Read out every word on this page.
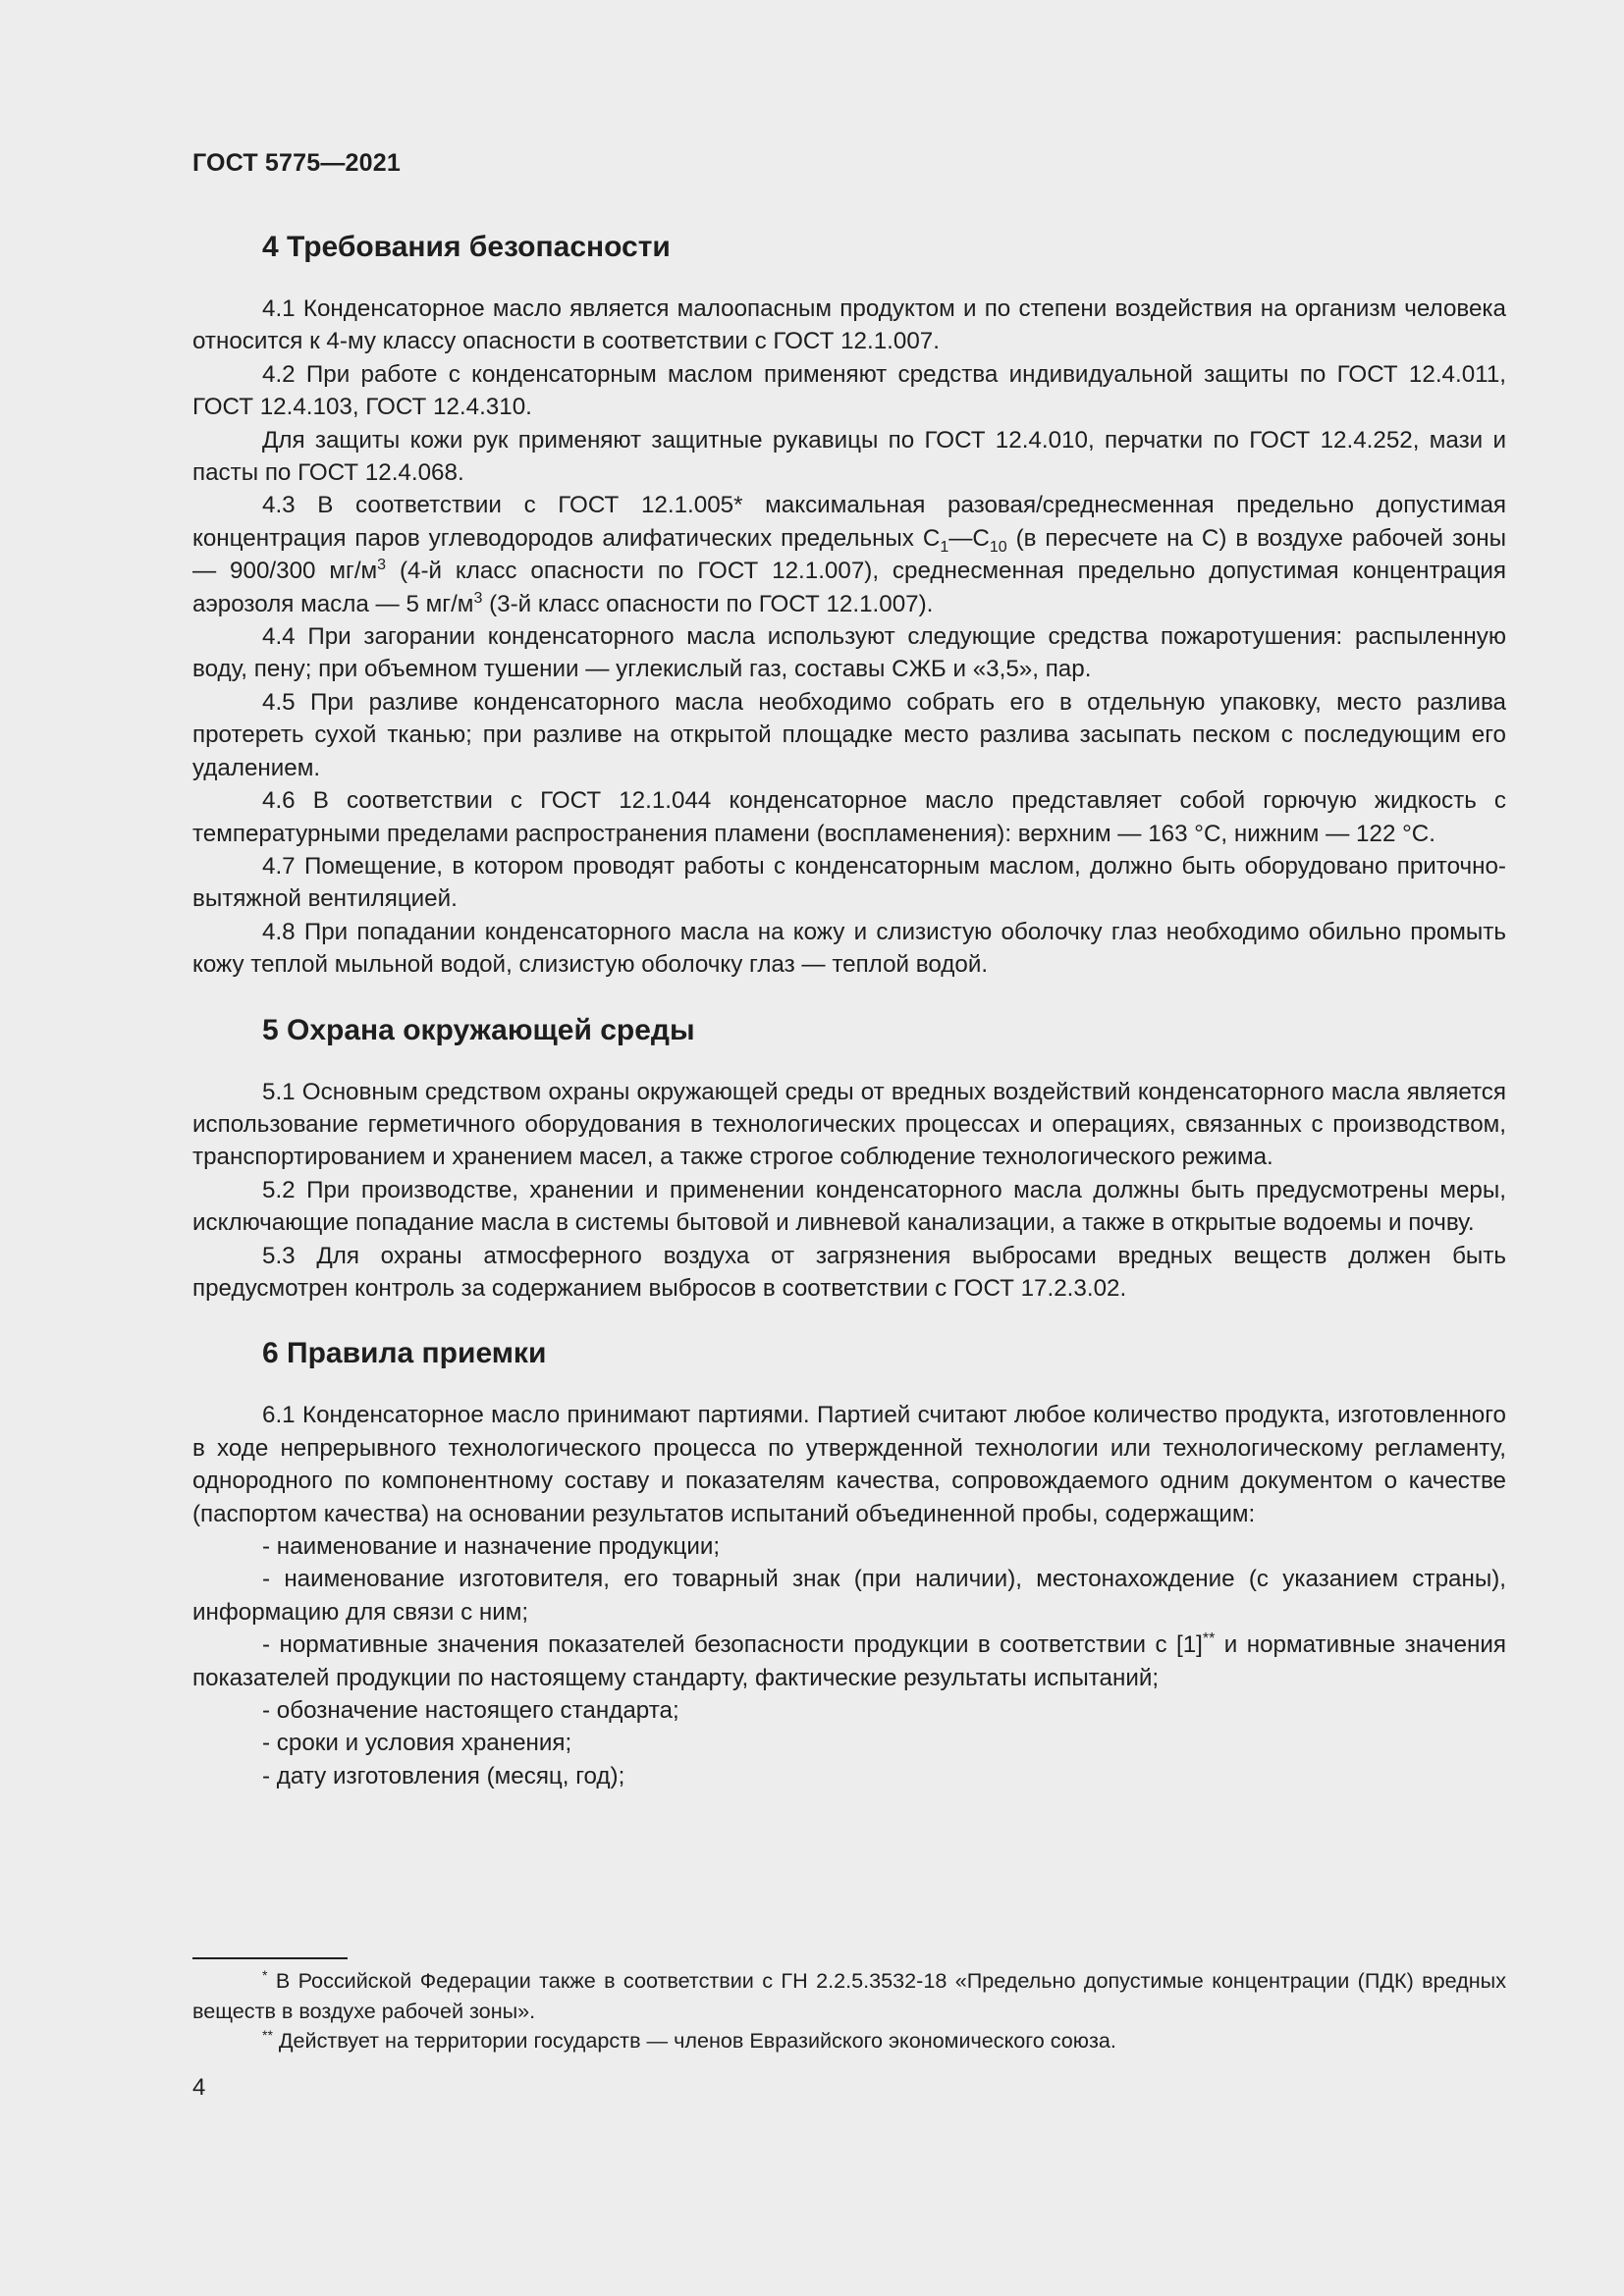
ГОСТ 5775—2021
4 Требования безопасности

4.1 Конденсаторное масло является малоопасным продуктом и по степени воздействия на организм человека относится к 4-му классу опасности в соответствии с ГОСТ 12.1.007.

4.2 При работе с конденсаторным маслом применяют средства индивидуальной защиты по ГОСТ 12.4.011, ГОСТ 12.4.103, ГОСТ 12.4.310.

Для защиты кожи рук применяют защитные рукавицы по ГОСТ 12.4.010, перчатки по ГОСТ 12.4.252, мази и пасты по ГОСТ 12.4.068.

4.3 В соответствии с ГОСТ 12.1.005* максимальная разовая/среднесменная предельно допустимая концентрация паров углеводородов алифатических предельных $С_1—С_{10}$ (в пересчете на С) в воздухе рабочей зоны — 900/300 $мг/м^3$ (4-й класс опасности по ГОСТ 12.1.007), среднесменная предельно допустимая концентрация аэрозоля масла — 5 $мг/м^3$ (3-й класс опасности по ГОСТ 12.1.007).

4.4 При загорании конденсаторного масла используют следующие средства пожаротушения: распыленную воду, пену; при объемном тушении — углекислый газ, составы СЖБ и «3,5», пар.

4.5 При разливе конденсаторного масла необходимо собрать его в отдельную упаковку, место разлива протереть сухой тканью; при разливе на открытой площадке место разлива засыпать песком с последующим его удалением.

4.6 В соответствии с ГОСТ 12.1.044 конденсаторное масло представляет собой горючую жидкость с температурными пределами распространения пламени (воспламенения): верхним — 163 °С, нижним — 122 °С.

4.7 Помещение, в котором проводят работы с конденсаторным маслом, должно быть оборудовано приточно-вытяжной вентиляцией.

4.8 При попадании конденсаторного масла на кожу и слизистую оболочку глаз необходимо обильно промыть кожу теплой мыльной водой, слизистую оболочку глаз — теплой водой.

5 Охрана окружающей среды

5.1 Основным средством охраны окружающей среды от вредных воздействий конденсаторного масла является использование герметичного оборудования в технологических процессах и операциях, связанных с производством, транспортированием и хранением масел, а также строгое соблюдение технологического режима.

5.2 При производстве, хранении и применении конденсаторного масла должны быть предусмотрены меры, исключающие попадание масла в системы бытовой и ливневой канализации, а также в открытые водоемы и почву.

5.3 Для охраны атмосферного воздуха от загрязнения выбросами вредных веществ должен быть предусмотрен контроль за содержанием выбросов в соответствии с ГОСТ 17.2.3.02.

6 Правила приемки

6.1 Конденсаторное масло принимают партиями. Партией считают любое количество продукта, изготовленного в ходе непрерывного технологического процесса по утвержденной технологии или технологическому регламенту, однородного по компонентному составу и показателям качества, сопровождаемого одним документом о качестве (паспортом качества) на основании результатов испытаний объединенной пробы, содержащим:

- наименование и назначение продукции;

- наименование изготовителя, его товарный знак (при наличии), местонахождение (с указанием страны), информацию для связи с ним;

- нормативные значения показателей безопасности продукции в соответствии с [1]** и нормативные значения показателей продукции по настоящему стандарту, фактические результаты испытаний;

- обозначение настоящего стандарта;

- сроки и условия хранения;

- дату изготовления (месяц, год);

* В Российской Федерации также в соответствии с ГН 2.2.5.3532-18 «Предельно допустимые концентрации (ПДК) вредных веществ в воздухе рабочей зоны».

** Действует на территории государств — членов Евразийского экономического союза.

4
